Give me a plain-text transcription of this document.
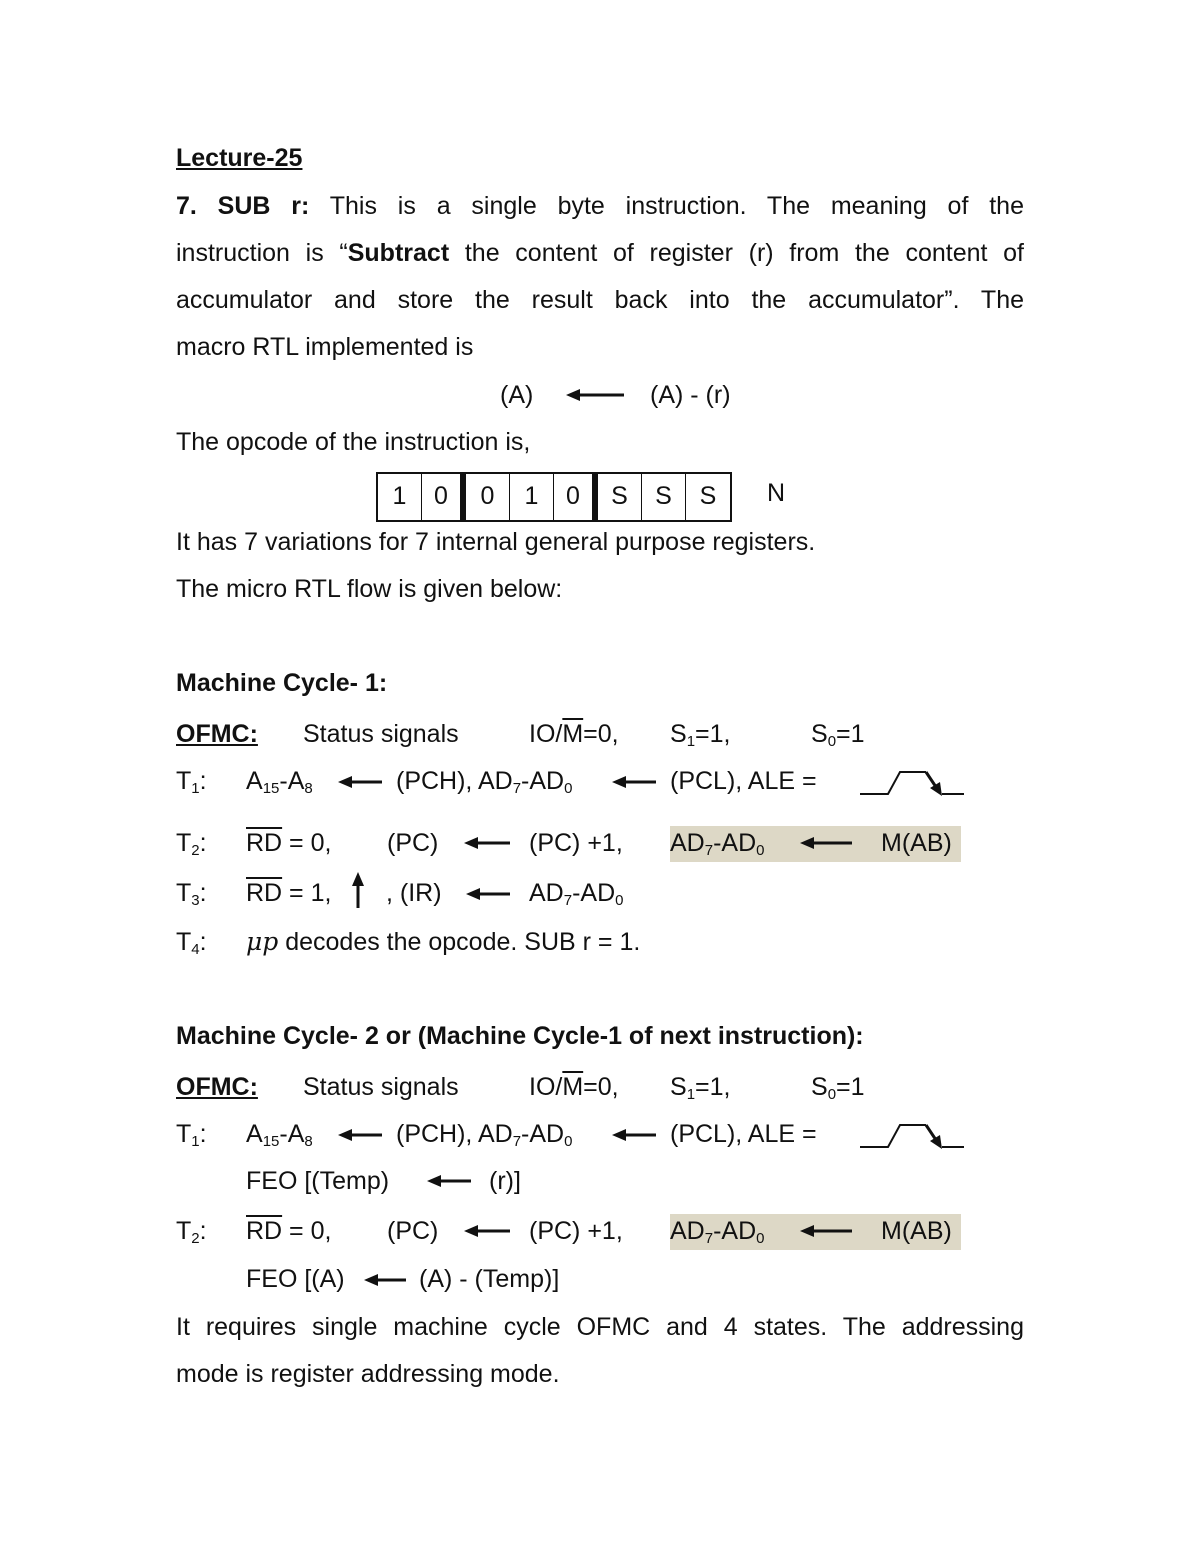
Lecture-25
7. SUB r: This is a single byte instruction. The meaning of the
instruction is “Subtract the content of register (r) from the content of
accumulator and store the result back into the accumulator”. The
macro RTL implemented is
(A)	(A) - (r)
The opcode of the instruction is,
1	0	0	1	0	S	S	S	N
It has 7 variations for 7 internal general purpose registers.
The micro RTL flow is given below:
Machine Cycle- 1:
OFMC: Status signals	$IO/\overline{M}=0$, $S_1=1$,	$S_0=1$
$T_1$: $A_{15}-A_8$	(PCH), $AD_7-AD_0$	(PCL), ALE =
$T_2$: $\overline{RD} = 0$, (PC)	(PC) +1, $AD_7-AD_0$	M(AB)
$T_3$: $\overline{RD} = 1$, , (IR)	$AD_7-AD_0$
$T_4$: μp decodes the opcode. SUB r = 1.
Machine Cycle- 2 or (Machine Cycle-1 of next instruction):
OFMC: Status signals	$IO/\overline{M}=0$, $S_1=1$,	$S_0=1$
$T_1$: $A_{15}-A_8$	(PCH), $AD_7-AD_0$	(PCL), ALE =
FEO [(Temp)	(r)]
$T_2$: $\overline{RD} = 0$, (PC)	(PC) +1, $AD_7-AD_0$	M(AB)
FEO [(A)	(A) - (Temp)]
It requires single machine cycle OFMC and 4 states. The addressing
mode is register addressing mode.
